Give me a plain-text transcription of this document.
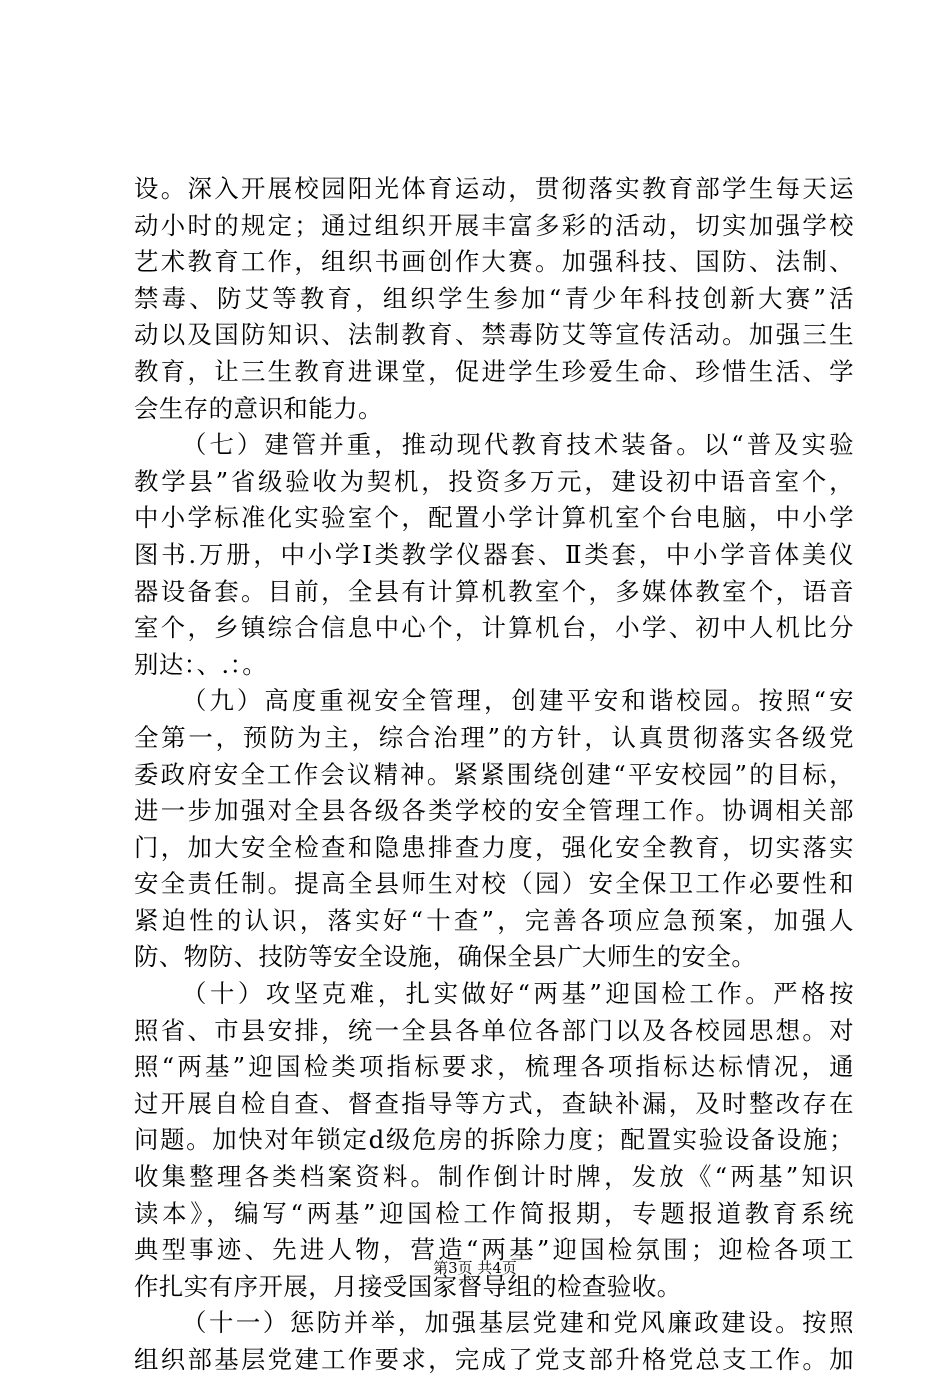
设。深入开展校园阳光体育运动，贯彻落实教育部学生每天运
动小时的规定；通过组织开展丰富多彩的活动，切实加强学校
艺术教育工作，组织书画创作大赛。加强科技、国防、法制、
禁毒、防艾等教育，组织学生参加“青少年科技创新大赛”活
动以及国防知识、法制教育、禁毒防艾等宣传活动。加强三生
教育，让三生教育进课堂，促进学生珍爱生命、珍惜生活、学
会生存的意识和能力。
（七）建管并重，推动现代教育技术装备。以“普及实验
教学县”省级验收为契机，投资多万元，建设初中语音室个，
中小学标准化实验室个，配置小学计算机室个台电脑，中小学
图书.万册，中小学Ⅰ类教学仪器套、Ⅱ类套，中小学音体美仪
器设备套。目前，全县有计算机教室个，多媒体教室个，语音
室个，乡镇综合信息中心个，计算机台，小学、初中人机比分
别达：、.：。
（九）高度重视安全管理，创建平安和谐校园。按照“安
全第一，预防为主，综合治理”的方针，认真贯彻落实各级党
委政府安全工作会议精神。紧紧围绕创建“平安校园”的目标，
进一步加强对全县各级各类学校的安全管理工作。协调相关部
门，加大安全检查和隐患排查力度，强化安全教育，切实落实
安全责任制。提高全县师生对校（园）安全保卫工作必要性和
紧迫性的认识，落实好“十查”，完善各项应急预案，加强人
防、物防、技防等安全设施，确保全县广大师生的安全。
（十）攻坚克难，扎实做好“两基”迎国检工作。严格按
照省、市县安排，统一全县各单位各部门以及各校园思想。对
照“两基”迎国检类项指标要求，梳理各项指标达标情况，通
过开展自检自查、督查指导等方式，查缺补漏，及时整改存在
问题。加快对年锁定d级危房的拆除力度；配置实验设备设施；
收集整理各类档案资料。制作倒计时牌，发放《“两基”知识
读本》，编写“两基”迎国检工作简报期，专题报道教育系统
典型事迹、先进人物，营造“两基”迎国检氛围；迎检各项工
作扎实有序开展，月接受国家督导组的检查验收。
（十一）惩防并举，加强基层党建和党风廉政建设。按照
组织部基层党建工作要求，完成了党支部升格党总支工作。加
第3页 共4页
